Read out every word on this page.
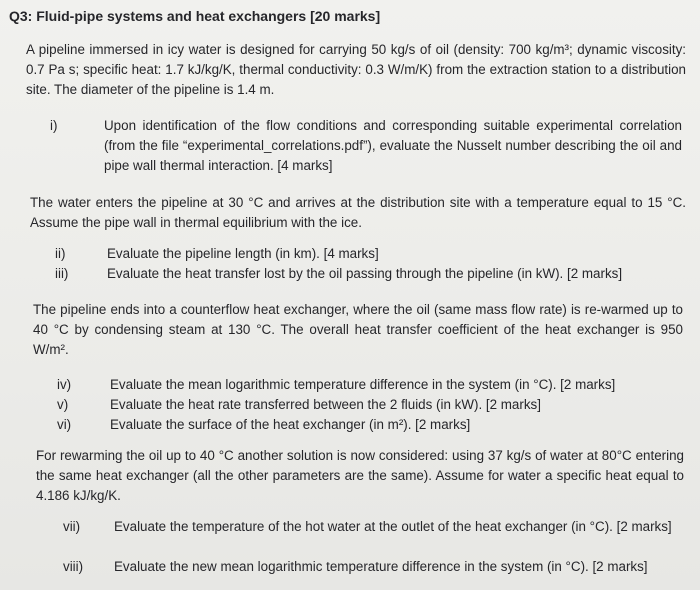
Q3: Fluid-pipe systems and heat exchangers [20 marks]

A pipeline immersed in icy water is designed for carrying 50 kg/s of oil (density: 700 kg/m³; dynamic viscosity: 0.7 Pa s; specific heat: 1.7 kJ/kg/K, thermal conductivity: 0.3 W/m/K) from the extraction station to a distribution site. The diameter of the pipeline is 1.4 m.

i)	Upon identification of the flow conditions and corresponding suitable experimental correlation (from the file “experimental_correlations.pdf”), evaluate the Nusselt number describing the oil and pipe wall thermal interaction. [4 marks]

The water enters the pipeline at 30 °C and arrives at the distribution site with a temperature equal to 15 °C. Assume the pipe wall in thermal equilibrium with the ice.

ii)	Evaluate the pipeline length (in km). [4 marks]
iii)	Evaluate the heat transfer lost by the oil passing through the pipeline (in kW). [2 marks]

The pipeline ends into a counterflow heat exchanger, where the oil (same mass flow rate) is re-warmed up to 40 °C by condensing steam at 130 °C. The overall heat transfer coefficient of the heat exchanger is 950 W/m².

iv)	Evaluate the mean logarithmic temperature difference in the system (in °C). [2 marks]
v)	Evaluate the heat rate transferred between the 2 fluids (in kW). [2 marks]
vi)	Evaluate the surface of the heat exchanger (in m²). [2 marks]

For rewarming the oil up to 40 °C another solution is now considered: using 37 kg/s of water at 80°C entering the same heat exchanger (all the other parameters are the same). Assume for water a specific heat equal to 4.186 kJ/kg/K.

vii)	Evaluate the temperature of the hot water at the outlet of the heat exchanger (in °C). [2 marks]
viii)	Evaluate the new mean logarithmic temperature difference in the system (in °C). [2 marks]
